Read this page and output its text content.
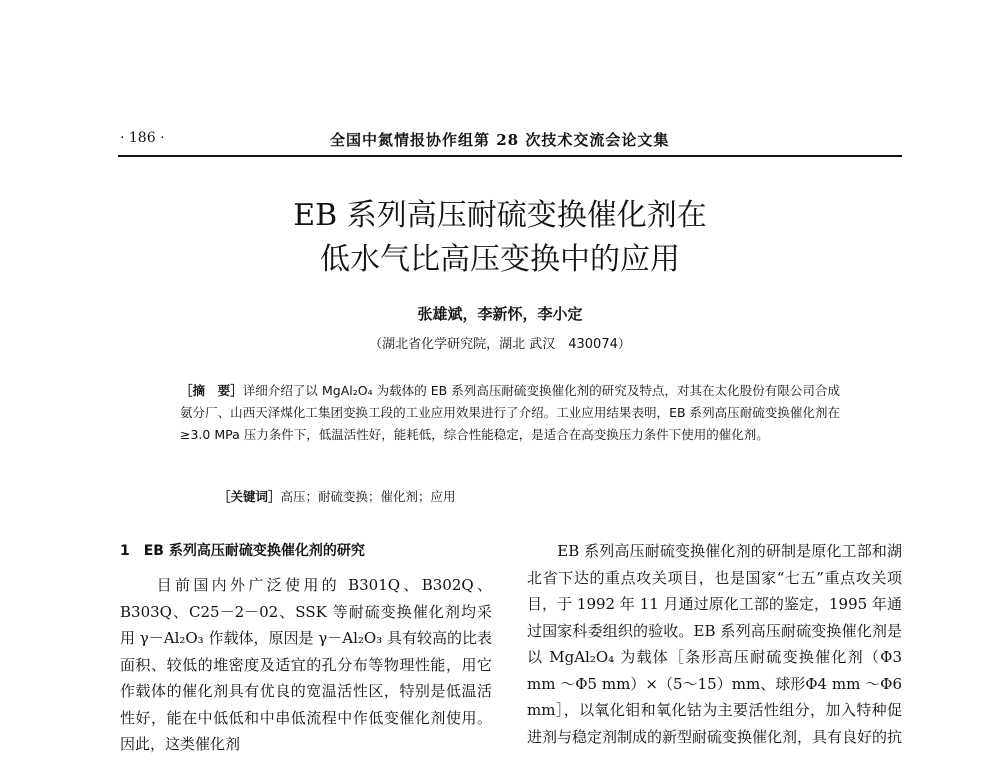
· 186 ·	全国中氮情报协作组第 28 次技术交流会论文集
EB 系列高压耐硫变换催化剂在
低水气比高压变换中的应用
张雄斌，李新怀，李小定
（湖北省化学研究院，湖北 武汉　430074）
［摘　要］详细介绍了以 MgAl₂O₄ 为载体的 EB 系列高压耐硫变换催化剂的研究及特点，对其在太化股份有限公司合成氨分厂、山西天泽煤化工集团变换工段的工业应用效果进行了介绍。工业应用结果表明，EB 系列高压耐硫变换催化剂在≥3.0 MPa 压力条件下，低温活性好，能耗低，综合性能稳定，是适合在高变换压力条件下使用的催化剂。
［关键词］高压；耐硫变换；催化剂；应用
1　EB 系列高压耐硫变换催化剂的研究

　　目前国内外广泛使用的 B301Q、B302Q、B303Q、C25－2－02、SSK 等耐硫变换催化剂均采用 γ－Al₂O₃ 作载体，原因是 γ－Al₂O₃ 具有较高的比表面积、较低的堆密度及适宜的孔分布等物理性能，用它作载体的催化剂具有优良的宽温活性区，特别是低温活性好，能在中低低和中串低流程中作低变催化剂使用。因此，这类催化剂

　　EB 系列高压耐硫变换催化剂的研制是原化工部和湖北省下达的重点攻关项目，也是国家“七五”重点攻关项目，于 1992 年 11 月通过原化工部的鉴定，1995 年通过国家科委组织的验收。EB 系列高压耐硫变换催化剂是以 MgAl₂O₄ 为载体［条形高压耐硫变换催化剂（Φ3 mm ～Φ5 mm）×（5～15）mm、球形Φ4 mm ～Φ6 mm］，以氧化钼和氧化钴为主要活性组分，加入特种促进剂与稳定剂制成的新型耐硫变换催化剂，具有良好的抗
